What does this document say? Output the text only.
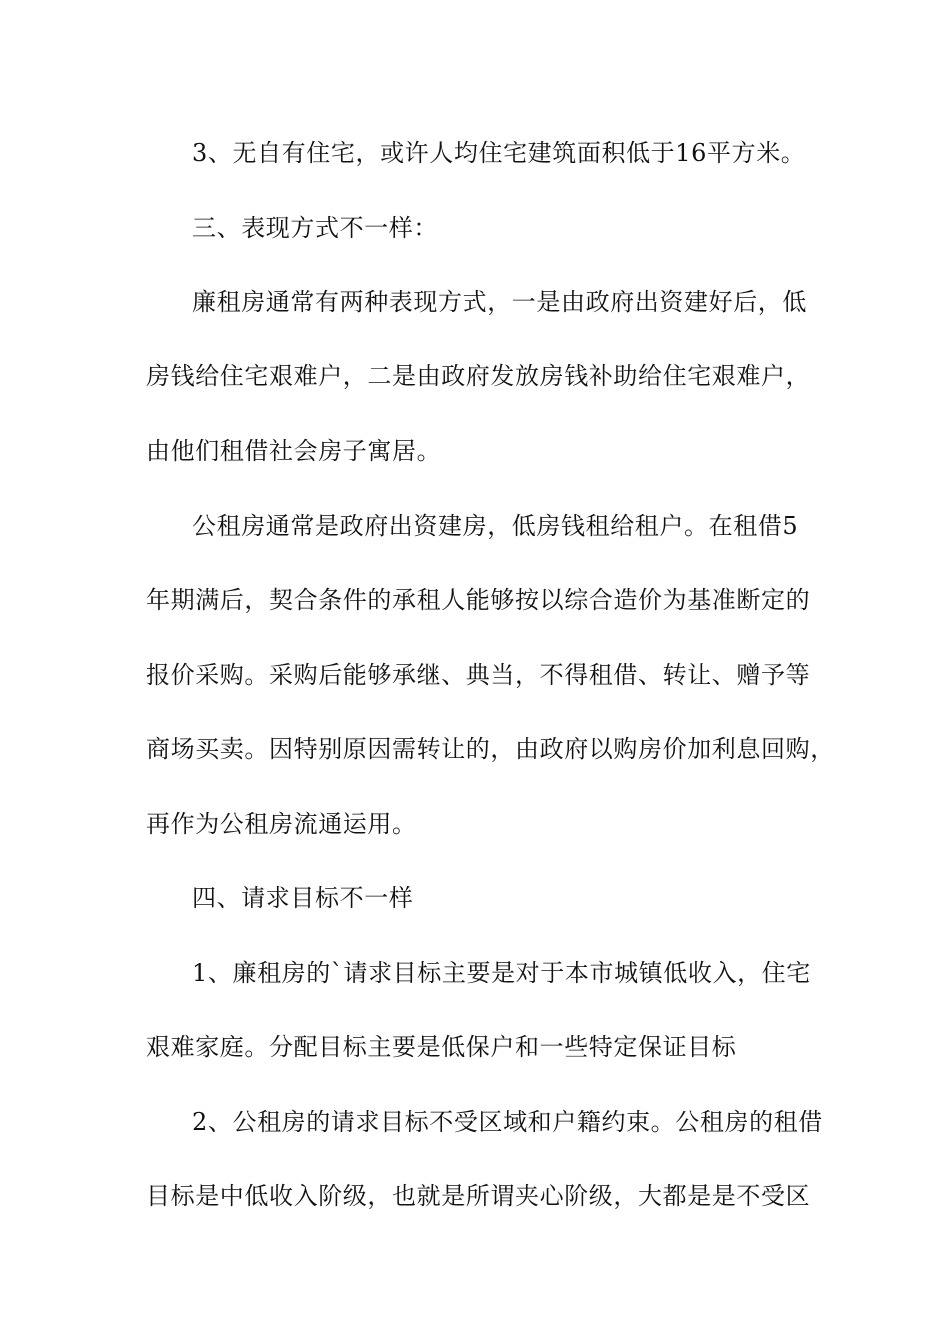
3、无自有住宅，或许人均住宅建筑面积低于16平方米。
三、表现方式不一样：
廉租房通常有两种表现方式，一是由政府出资建好后，低
房钱给住宅艰难户，二是由政府发放房钱补助给住宅艰难户，
由他们租借社会房子寓居。
公租房通常是政府出资建房，低房钱租给租户。在租借5
年期满后，契合条件的承租人能够按以综合造价为基准断定的
报价采购。采购后能够承继、典当，不得租借、转让、赠予等
商场买卖。因特别原因需转让的，由政府以购房价加利息回购，
再作为公租房流通运用。
四、请求目标不一样
1、廉租房的`请求目标主要是对于本市城镇低收入，住宅
艰难家庭。分配目标主要是低保户和一些特定保证目标
2、公租房的请求目标不受区域和户籍约束。公租房的租借
目标是中低收入阶级，也就是所谓夹心阶级，大都是是不受区
